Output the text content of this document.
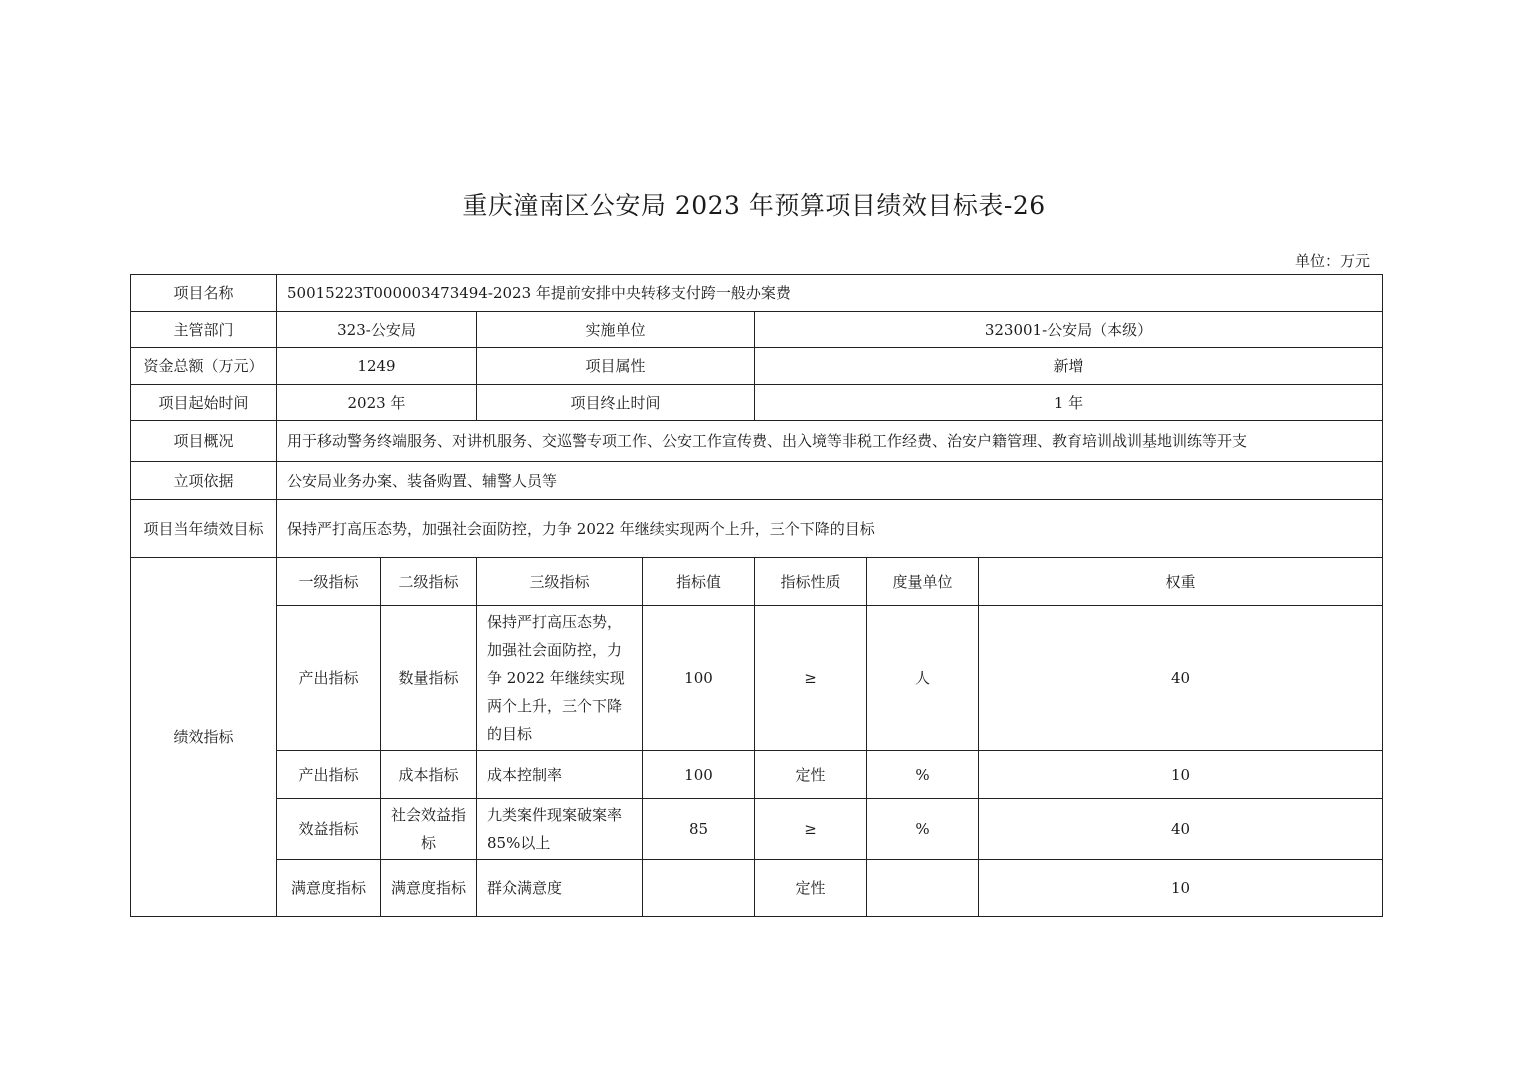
重庆潼南区公安局 2023 年预算项目绩效目标表-26
单位：万元
项目名称	50015223T000003473494-2023 年提前安排中央转移支付跨一般办案费						
主管部门	323-公安局		实施单位		323001-公安局（本级）		
资金总额（万元）	1249		项目属性		新增		
项目起始时间	2023 年		项目终止时间		1 年		
项目概况	用于移动警务终端服务、对讲机服务、交巡警专项工作、公安工作宣传费、出入境等非税工作经费、治安户籍管理、教育培训战训基地训练等开支						
立项依据	公安局业务办案、装备购置、辅警人员等						
项目当年绩效目标	保持严打高压态势，加强社会面防控，力争 2022 年继续实现两个上升，三个下降的目标						
绩效指标	一级指标	二级指标	三级指标	指标值	指标性质	度量单位	权重
	产出指标	数量指标	保持严打高压态势，加强社会面防控，力争 2022 年继续实现两个上升，三个下降的目标	100	≥	人	40
	产出指标	成本指标	成本控制率	100	定性	%	10
	效益指标	社会效益指标	九类案件现案破案率85%以上	85	≥	%	40
	满意度指标	满意度指标	群众满意度		定性		10
